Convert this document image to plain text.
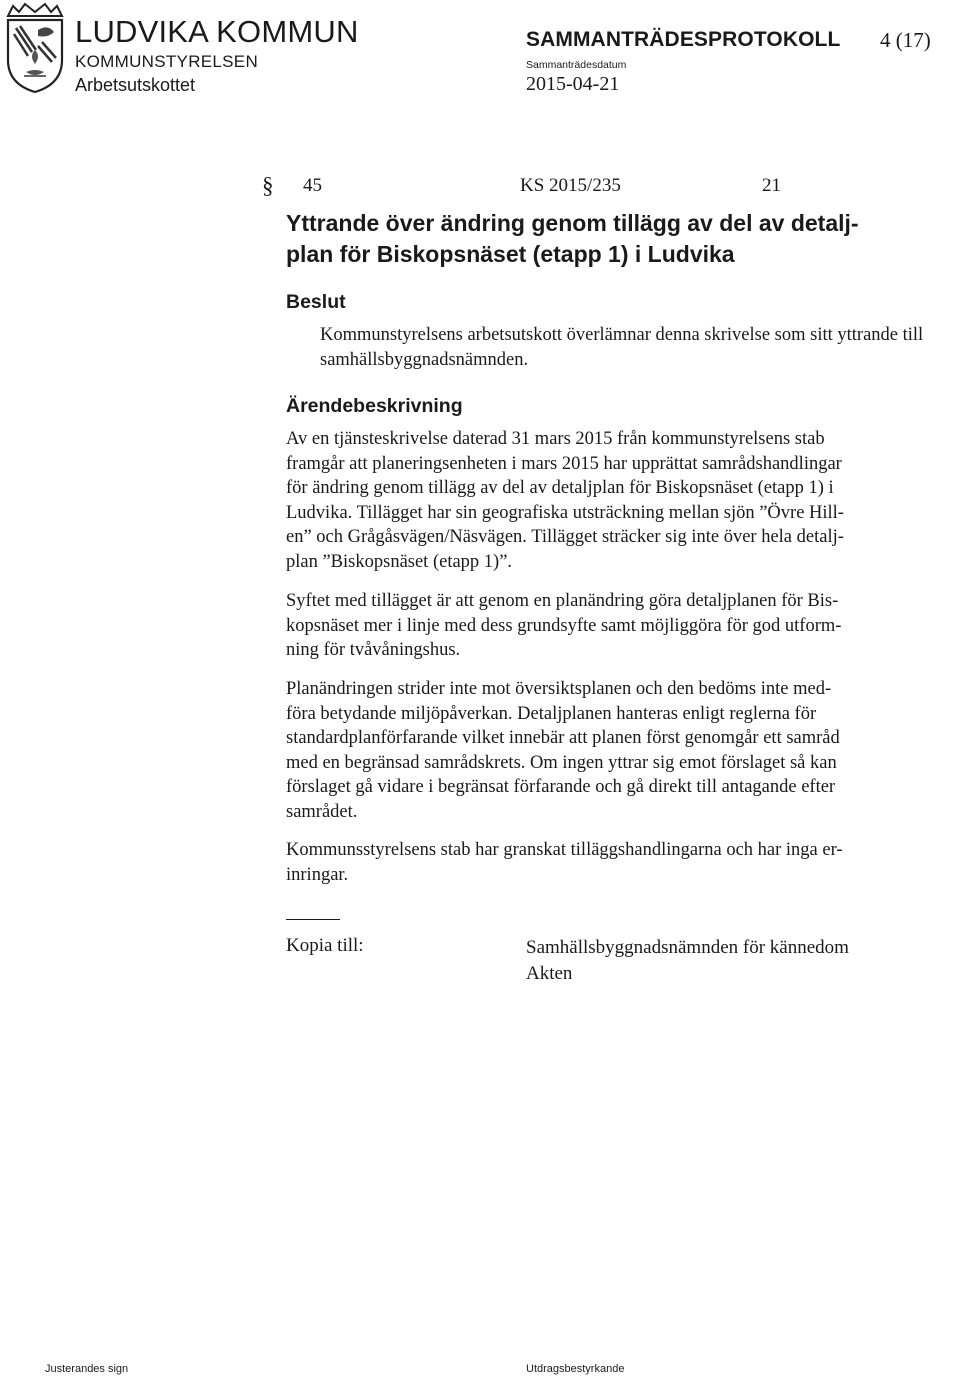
LUDVIKA KOMMUN
KOMMUNSTYRELSEN
Arbetsutskottet
SAMMANTRÄDESPROTOKOLL 4 (17)
Sammanträdesdatum
2015-04-21
§ 45	KS 2015/235	21
Yttrande över ändring genom tillägg av del av detalj-
plan för Biskopsnäset (etapp 1) i Ludvika
Beslut

Kommunstyrelsens arbetsutskott överlämnar denna skrivelse som sitt yttrande till samhällsbyggnadsnämnden.

Ärendebeskrivning

Av en tjänsteskrivelse daterad 31 mars 2015 från kommunstyrelsens stab
framgår att planeringsenheten i mars 2015 har upprättat samrådshandlingar
för ändring genom tillägg av del av detaljplan för Biskopsnäset (etapp 1) i
Ludvika. Tillägget har sin geografiska utsträckning mellan sjön ”Övre Hill-
en” och Grågåsvägen/Näsvägen. Tillägget sträcker sig inte över hela detalj-
plan ”Biskopsnäset (etapp 1)”.

Syftet med tillägget är att genom en planändring göra detaljplanen för Bis-
kopsnäset mer i linje med dess grundsyfte samt möjliggöra för god utform-
ning för tvåvåningshus.

Planändringen strider inte mot översiktsplanen och den bedöms inte med-
föra betydande miljöpåverkan. Detaljplanen hanteras enligt reglerna för
standardplanförfarande vilket innebär att planen först genomgår ett samråd
med en begränsad samrådskrets. Om ingen yttrar sig emot förslaget så kan
förslaget gå vidare i begränsat förfarande och gå direkt till antagande efter
samrådet.

Kommunsstyrelsens stab har granskat tilläggshandlingarna och har inga er-
inringar.

Kopia till:	Samhällsbyggnadsnämnden för kännedom
Akten
Justerandes sign	Utdragsbestyrkande
